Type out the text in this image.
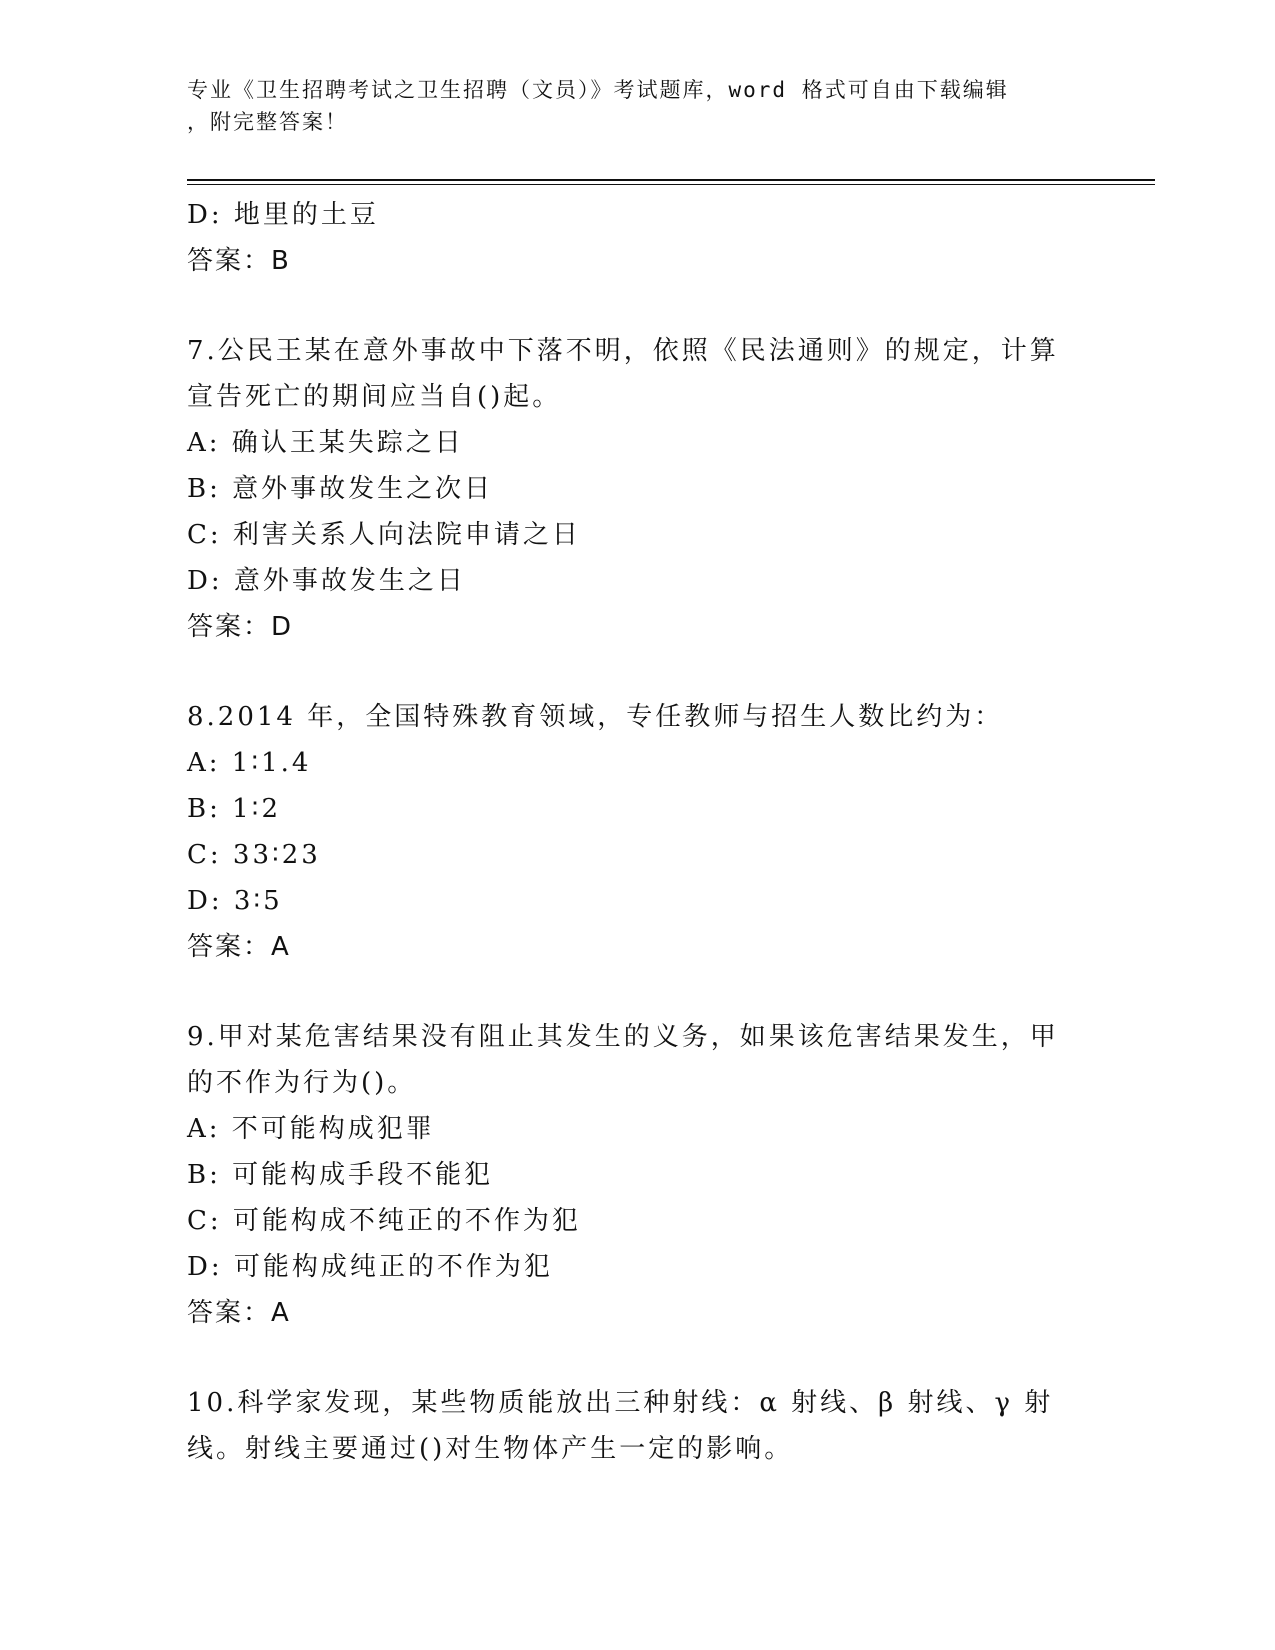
专业《卫生招聘考试之卫生招聘（文员）》考试题库，word 格式可自由下载编辑
，附完整答案！
D: 地里的土豆
答案：B
7.公民王某在意外事故中下落不明，依照《民法通则》的规定，计算
宣告死亡的期间应当自()起。
A: 确认王某失踪之日
B: 意外事故发生之次日
C: 利害关系人向法院申请之日
D: 意外事故发生之日
答案：D
8.2014 年，全国特殊教育领域，专任教师与招生人数比约为：
A: 1∶1.4
B: 1∶2
C: 33∶23
D: 3∶5
答案：A
9.甲对某危害结果没有阻止其发生的义务，如果该危害结果发生，甲
的不作为行为()。
A: 不可能构成犯罪
B: 可能构成手段不能犯
C: 可能构成不纯正的不作为犯
D: 可能构成纯正的不作为犯
答案：A
10.科学家发现，某些物质能放出三种射线：α 射线、β 射线、γ 射
线。射线主要通过()对生物体产生一定的影响。
